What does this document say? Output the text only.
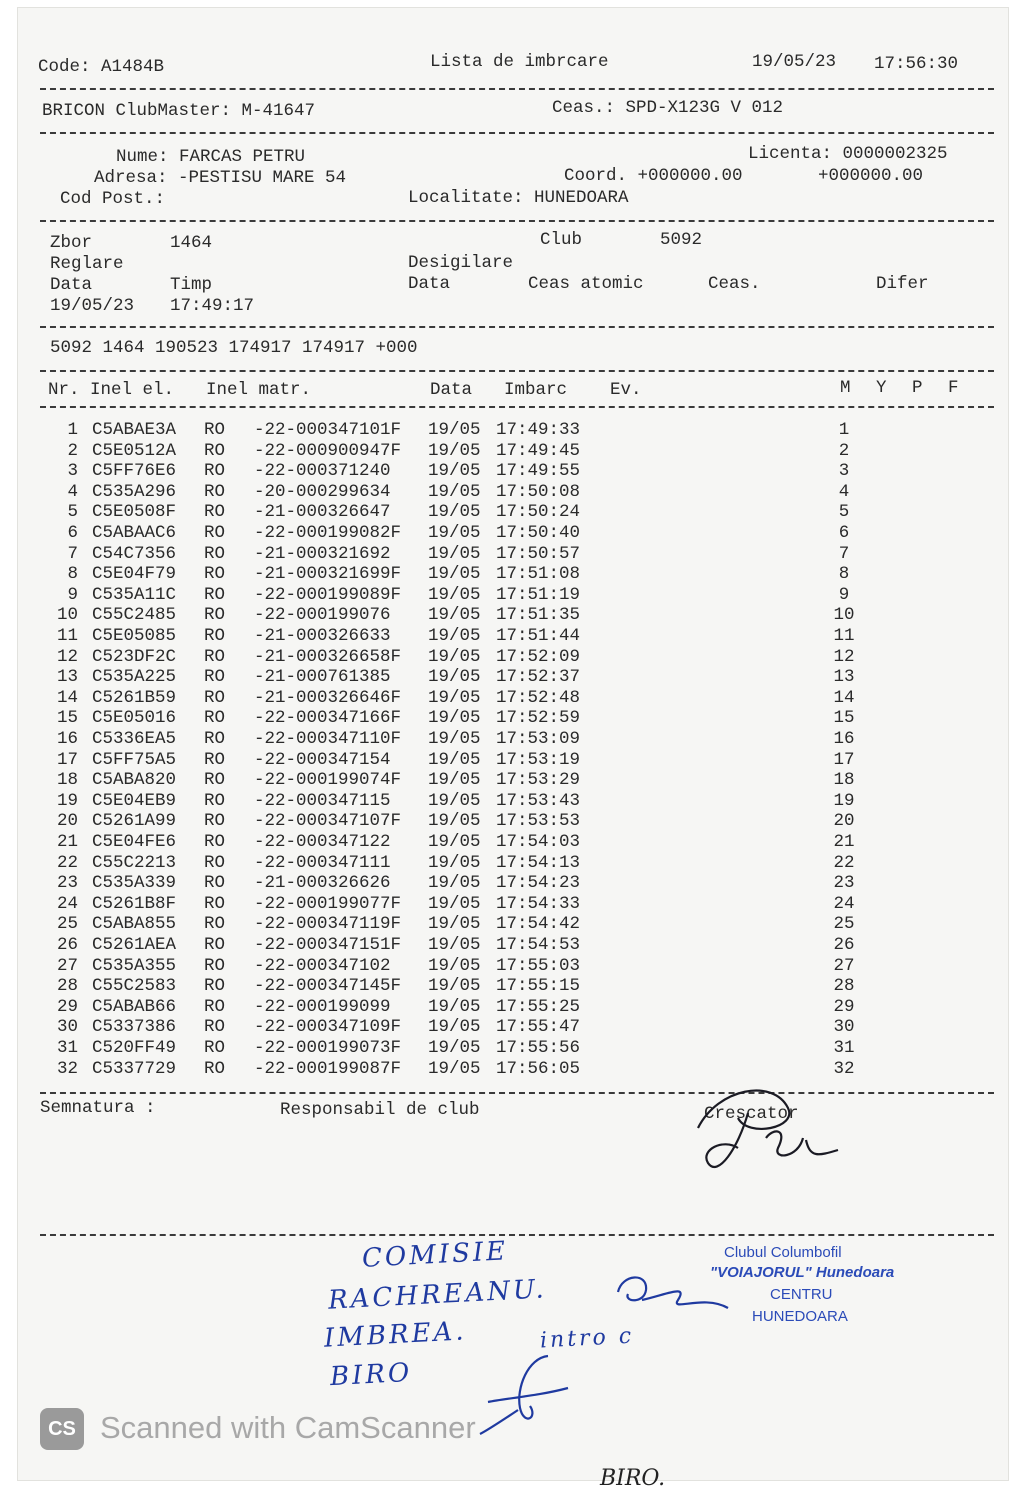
Code: A1484B	Lista de imbrcare	19/05/23 17:56:30
BRICON ClubMaster: M-41647	Ceas.: SPD-X123G V 012
Nume: FARCAS PETRU	Licenta: 0000002325
Adresa: -PESTISU MARE 54	Coord. +000000.00	+000000.00
Cod Post.:	Localitate: HUNEDOARA
Zbor	1464	Club	5092
Reglare	Desigilare
Data	Timp	Data	Ceas atomic	Ceas.	Difer
19/05/23 17:49:17
5092 1464 190523 174917 174917 +000
Nr. Inel el. Inel matr.	Data Imbarc Ev.	M Y P F
1 C5ABAE3A RO -22-000347101F 19/05 17:49:33	1
2 C5E0512A RO -22-000900947F 19/05 17:49:45	2
3 C5FF76E6 RO -22-000371240 19/05 17:49:55	3
4 C535A296 RO -20-000299634 19/05 17:50:08	4
5 C5E0508F RO -21-000326647 19/05 17:50:24	5
6 C5ABAAC6 RO -22-000199082F 19/05 17:50:40	6
7 C54C7356 RO -21-000321692 19/05 17:50:57	7
8 C5E04F79 RO -21-000321699F 19/05 17:51:08	8
9 C535A11C RO -22-000199089F 19/05 17:51:19	9
10 C55C2485 RO -22-000199076 19/05 17:51:35	10
11 C5E05085 RO -21-000326633 19/05 17:51:44	11
12 C523DF2C RO -21-000326658F 19/05 17:52:09	12
13 C535A225 RO -21-000761385 19/05 17:52:37	13
14 C5261B59 RO -21-000326646F 19/05 17:52:48	14
15 C5E05016 RO -22-000347166F 19/05 17:52:59	15
16 C5336EA5 RO -22-000347110F 19/05 17:53:09	16
17 C5FF75A5 RO -22-000347154 19/05 17:53:19	17
18 C5ABA820 RO -22-000199074F 19/05 17:53:29	18
19 C5E04EB9 RO -22-000347115 19/05 17:53:43	19
20 C5261A99 RO -22-000347107F 19/05 17:53:53	20
21 C5E04FE6 RO -22-000347122 19/05 17:54:03	21
22 C55C2213 RO -22-000347111 19/05 17:54:13	22
23 C535A339 RO -21-000326626 19/05 17:54:23	23
24 C5261B8F RO -22-000199077F 19/05 17:54:33	24
25 C5ABA855 RO -22-000347119F 19/05 17:54:42	25
26 C5261AEA RO -22-000347151F 19/05 17:54:53	26
27 C535A355 RO -22-000347102 19/05 17:55:03	27
28 C55C2583 RO -22-000347145F 19/05 17:55:15	28
29 C5ABAB66 RO -22-000199099 19/05 17:55:25	29
30 C5337386 RO -22-000347109F 19/05 17:55:47	30
31 C520FF49 RO -22-000199073F 19/05 17:55:56	31
32 C5337729 RO -22-000199087F 19/05 17:56:05	32
Semnatura :	Responsabil de club	Crescator
COMISIE
RACHREANU.
IMBREA.	intro c
BIRO
Clubul Columbofil
"VOIAJORUL" Hunedoara
CENTRU
HUNEDOARA
CS Scanned with CamScanner
BIRO.
